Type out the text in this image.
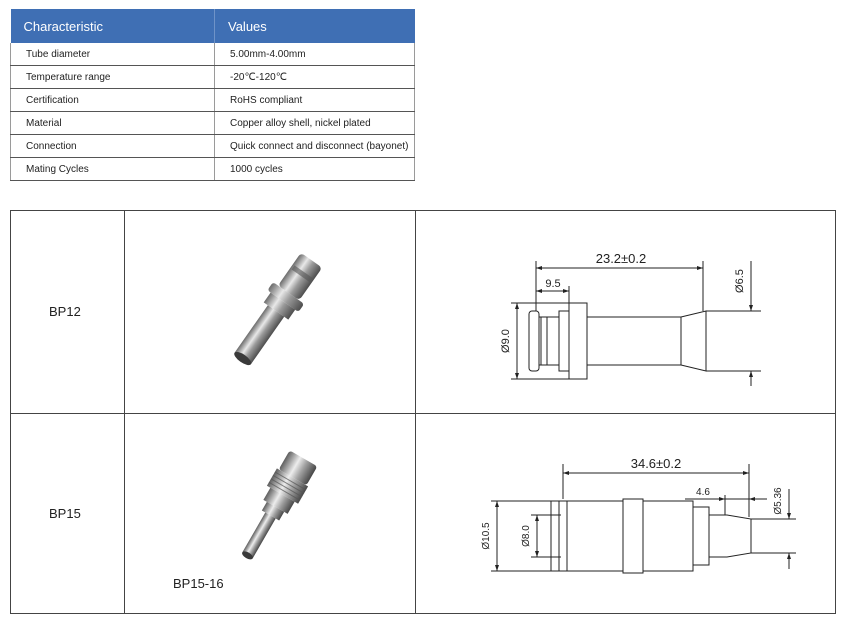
Characteristic	Values
Tube diameter	5.00mm-4.00mm
Temperature range	-20℃-120℃
Certification	RoHS compliant
Material	Copper alloy shell, nickel plated
Connection	Quick connect and disconnect (bayonet)
Mating Cycles	1000 cycles
BP12
23.2±0.2
9.5
Ø9.0
Ø6.5
BP15
BP15-16
34.6±0.2
4.6
Ø10.5	Ø8.0
Ø5.36
